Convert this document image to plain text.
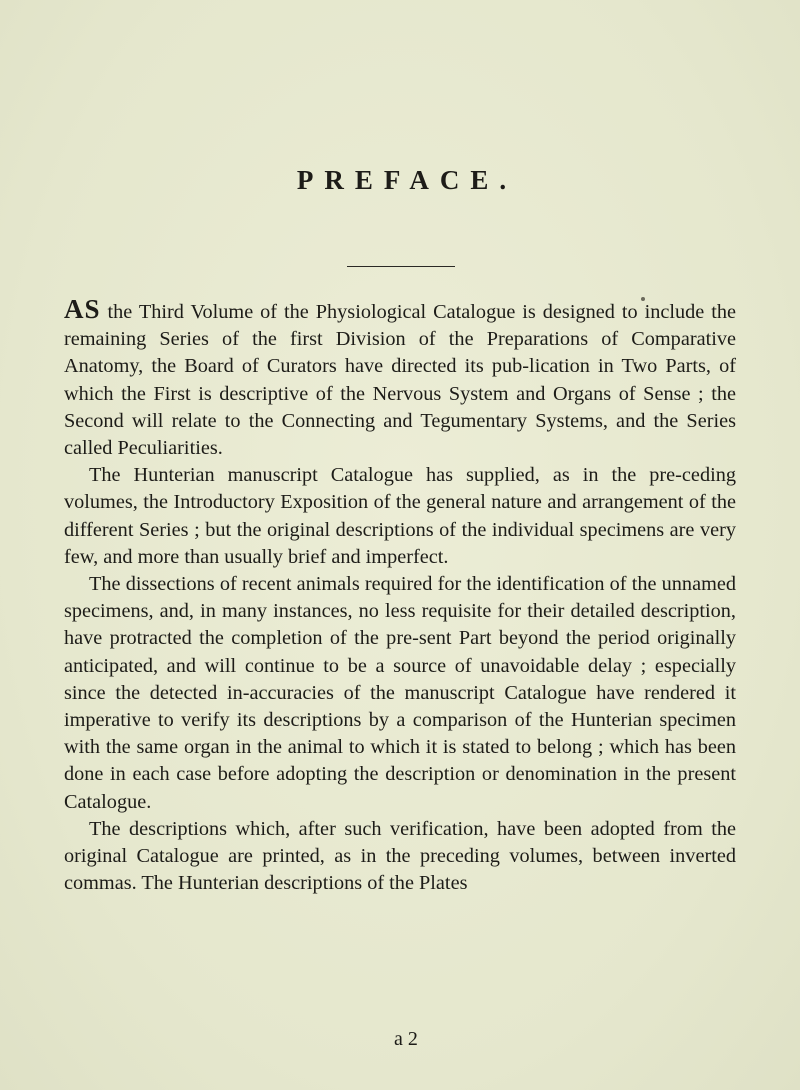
PREFACE.

AS the Third Volume of the Physiological Catalogue is designed to include the remaining Series of the first Division of the Preparations of Comparative Anatomy, the Board of Curators have directed its pub-lication in Two Parts, of which the First is descriptive of the Nervous System and Organs of Sense ; the Second will relate to the Connecting and Tegumentary Systems, and the Series called Peculiarities.

The Hunterian manuscript Catalogue has supplied, as in the pre-ceding volumes, the Introductory Exposition of the general nature and arrangement of the different Series ; but the original descriptions of the individual specimens are very few, and more than usually brief and imperfect.

The dissections of recent animals required for the identification of the unnamed specimens, and, in many instances, no less requisite for their detailed description, have protracted the completion of the pre-sent Part beyond the period originally anticipated, and will continue to be a source of unavoidable delay ; especially since the detected in-accuracies of the manuscript Catalogue have rendered it imperative to verify its descriptions by a comparison of the Hunterian specimen with the same organ in the animal to which it is stated to belong ; which has been done in each case before adopting the description or denomination in the present Catalogue.

The descriptions which, after such verification, have been adopted from the original Catalogue are printed, as in the preceding volumes, between inverted commas. The Hunterian descriptions of the Plates

a 2
